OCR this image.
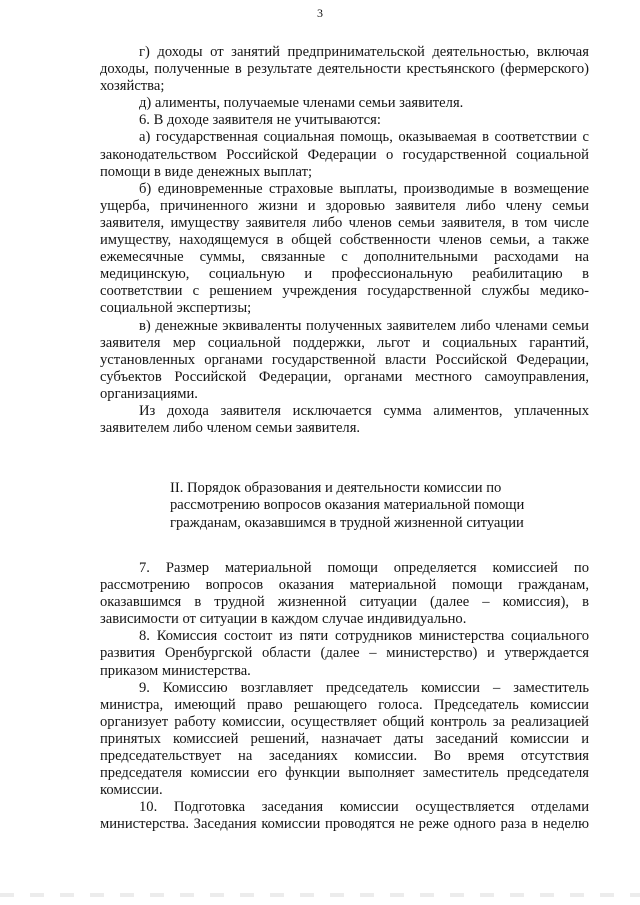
3

г) доходы от занятий предпринимательской деятельностью, включая
доходы, полученные в результате деятельности крестьянского (фермерского)
хозяйства;

д) алименты, получаемые членами семьи заявителя.

6. В доходе заявителя не учитываются:

а) государственная социальная помощь, оказываемая в соответствии с
законодательством Российской Федерации о государственной социальной
помощи в виде денежных выплат;

б) единовременные страховые выплаты, производимые в возмещение
ущерба, причиненного жизни и здоровью заявителя либо члену семьи
заявителя, имуществу заявителя либо членов семьи заявителя, в том числе
имуществу, находящемуся в общей собственности членов семьи, а также
ежемесячные суммы, связанные с дополнительными расходами на
медицинскую, социальную и профессиональную реабилитацию в
соответствии с решением учреждения государственной службы медико-
социальной экспертизы;

в) денежные эквиваленты полученных заявителем либо членами семьи
заявителя мер социальной поддержки, льгот и социальных гарантий,
установленных органами государственной власти Российской Федерации,
субъектов Российской Федерации, органами местного самоуправления,
организациями.

Из дохода заявителя исключается сумма алиментов, уплаченных
заявителем либо членом семьи заявителя.

II. Порядок образования и деятельности комиссии по
рассмотрению вопросов оказания материальной помощи
гражданам, оказавшимся в трудной жизненной ситуации

7. Размер материальной помощи определяется комиссией по
рассмотрению вопросов оказания материальной помощи гражданам,
оказавшимся в трудной жизненной ситуации (далее – комиссия), в
зависимости от ситуации в каждом случае индивидуально.

8. Комиссия состоит из пяти сотрудников министерства социального
развития Оренбургской области (далее – министерство) и утверждается
приказом министерства.

9. Комиссию возглавляет председатель комиссии – заместитель
министра, имеющий право решающего голоса. Председатель комиссии
организует работу комиссии, осуществляет общий контроль за реализацией
принятых комиссией решений, назначает даты заседаний комиссии и
председательствует на заседаниях комиссии. Во время отсутствия
председателя комиссии его функции выполняет заместитель председателя
комиссии.

10. Подготовка заседания комиссии осуществляется отделами
министерства. Заседания комиссии проводятся не реже одного раза в неделю
